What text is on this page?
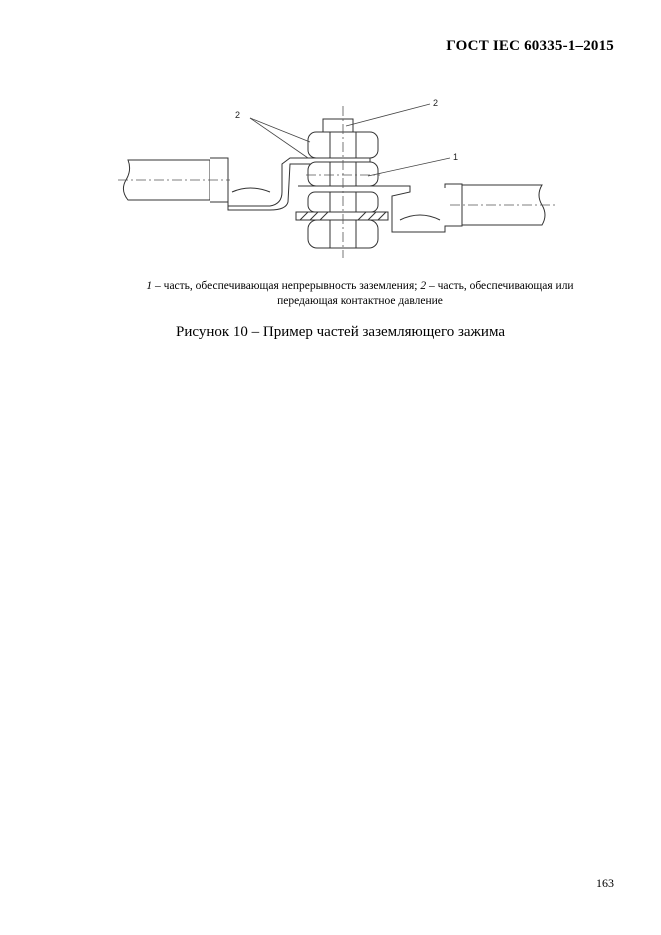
ГОСТ IEC 60335-1–2015
1
2
2
1 – часть, обеспечивающая непрерывность заземления; 2 – часть, обеспечивающая или
передающая контактное давление
Рисунок 10 – Пример частей заземляющего зажима
163
